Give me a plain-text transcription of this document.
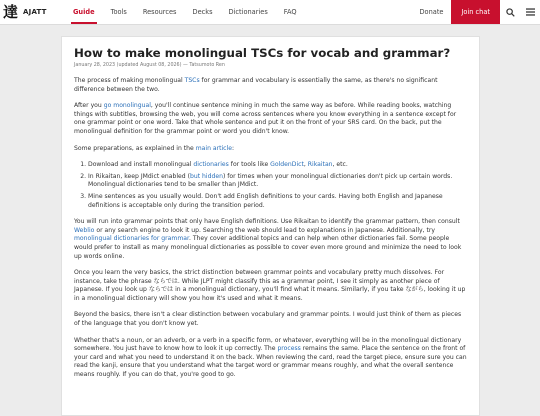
達 AJATT	Guide	Tools	Resources	Decks	Dictionaries	FAQ	Donate	Join chat
How to make monolingual TSCs for vocab and grammar?
January 28, 2023 (updated August 08, 2026) — Tatsumoto Ren

The process of making monolingual TSCs for grammar and vocabulary is essentially the same, as there's no significant difference between the two.

After you go monolingual, you'll continue sentence mining in much the same way as before. While reading books, watching things with subtitles, browsing the web, you will come across sentences where you know everything in a sentence except for one grammar point or one word. Take that whole sentence and put it on the front of your SRS card. On the back, put the monolingual definition for the grammar point or word you didn't know.

Some preparations, as explained in the main article:

1. Download and install monolingual dictionaries for tools like GoldenDict, Rikaitan, etc.
2. In Rikaitan, keep JMdict enabled (but hidden) for times when your monolingual dictionaries don't pick up certain words. Monolingual dictionaries tend to be smaller than JMdict.
3. Mine sentences as you usually would. Don't add English definitions to your cards. Having both English and Japanese definitions is acceptable only during the transition period.

You will run into grammar points that only have English definitions. Use Rikaitan to identify the grammar pattern, then consult Weblio or any search engine to look it up. Searching the web should lead to explanations in Japanese. Additionally, try monolingual dictionaries for grammar. They cover additional topics and can help when other dictionaries fail. Some people would prefer to install as many monolingual dictionaries as possible to cover even more ground and minimize the need to look up words online.

Once you learn the very basics, the strict distinction between grammar points and vocabulary pretty much dissolves. For instance, take the phrase ならでは. While JLPT might classify this as a grammar point, I see it simply as another piece of Japanese. If you look up ならでは in a monolingual dictionary, you'll find what it means. Similarly, if you take ながら, looking it up in a monolingual dictionary will show you how it's used and what it means.

Beyond the basics, there isn't a clear distinction between vocabulary and grammar points. I would just think of them as pieces of the language that you don't know yet.

Whether that's a noun, or an adverb, or a verb in a specific form, or whatever, everything will be in the monolingual dictionary somewhere. You just have to know how to look it up correctly. The process remains the same. Place the sentence on the front of your card and what you need to understand it on the back. When reviewing the card, read the target piece, ensure sure you can read the kanji, ensure that you understand what the target word or grammar means roughly, and what the overall sentence means roughly. If you can do that, you're good to go.
